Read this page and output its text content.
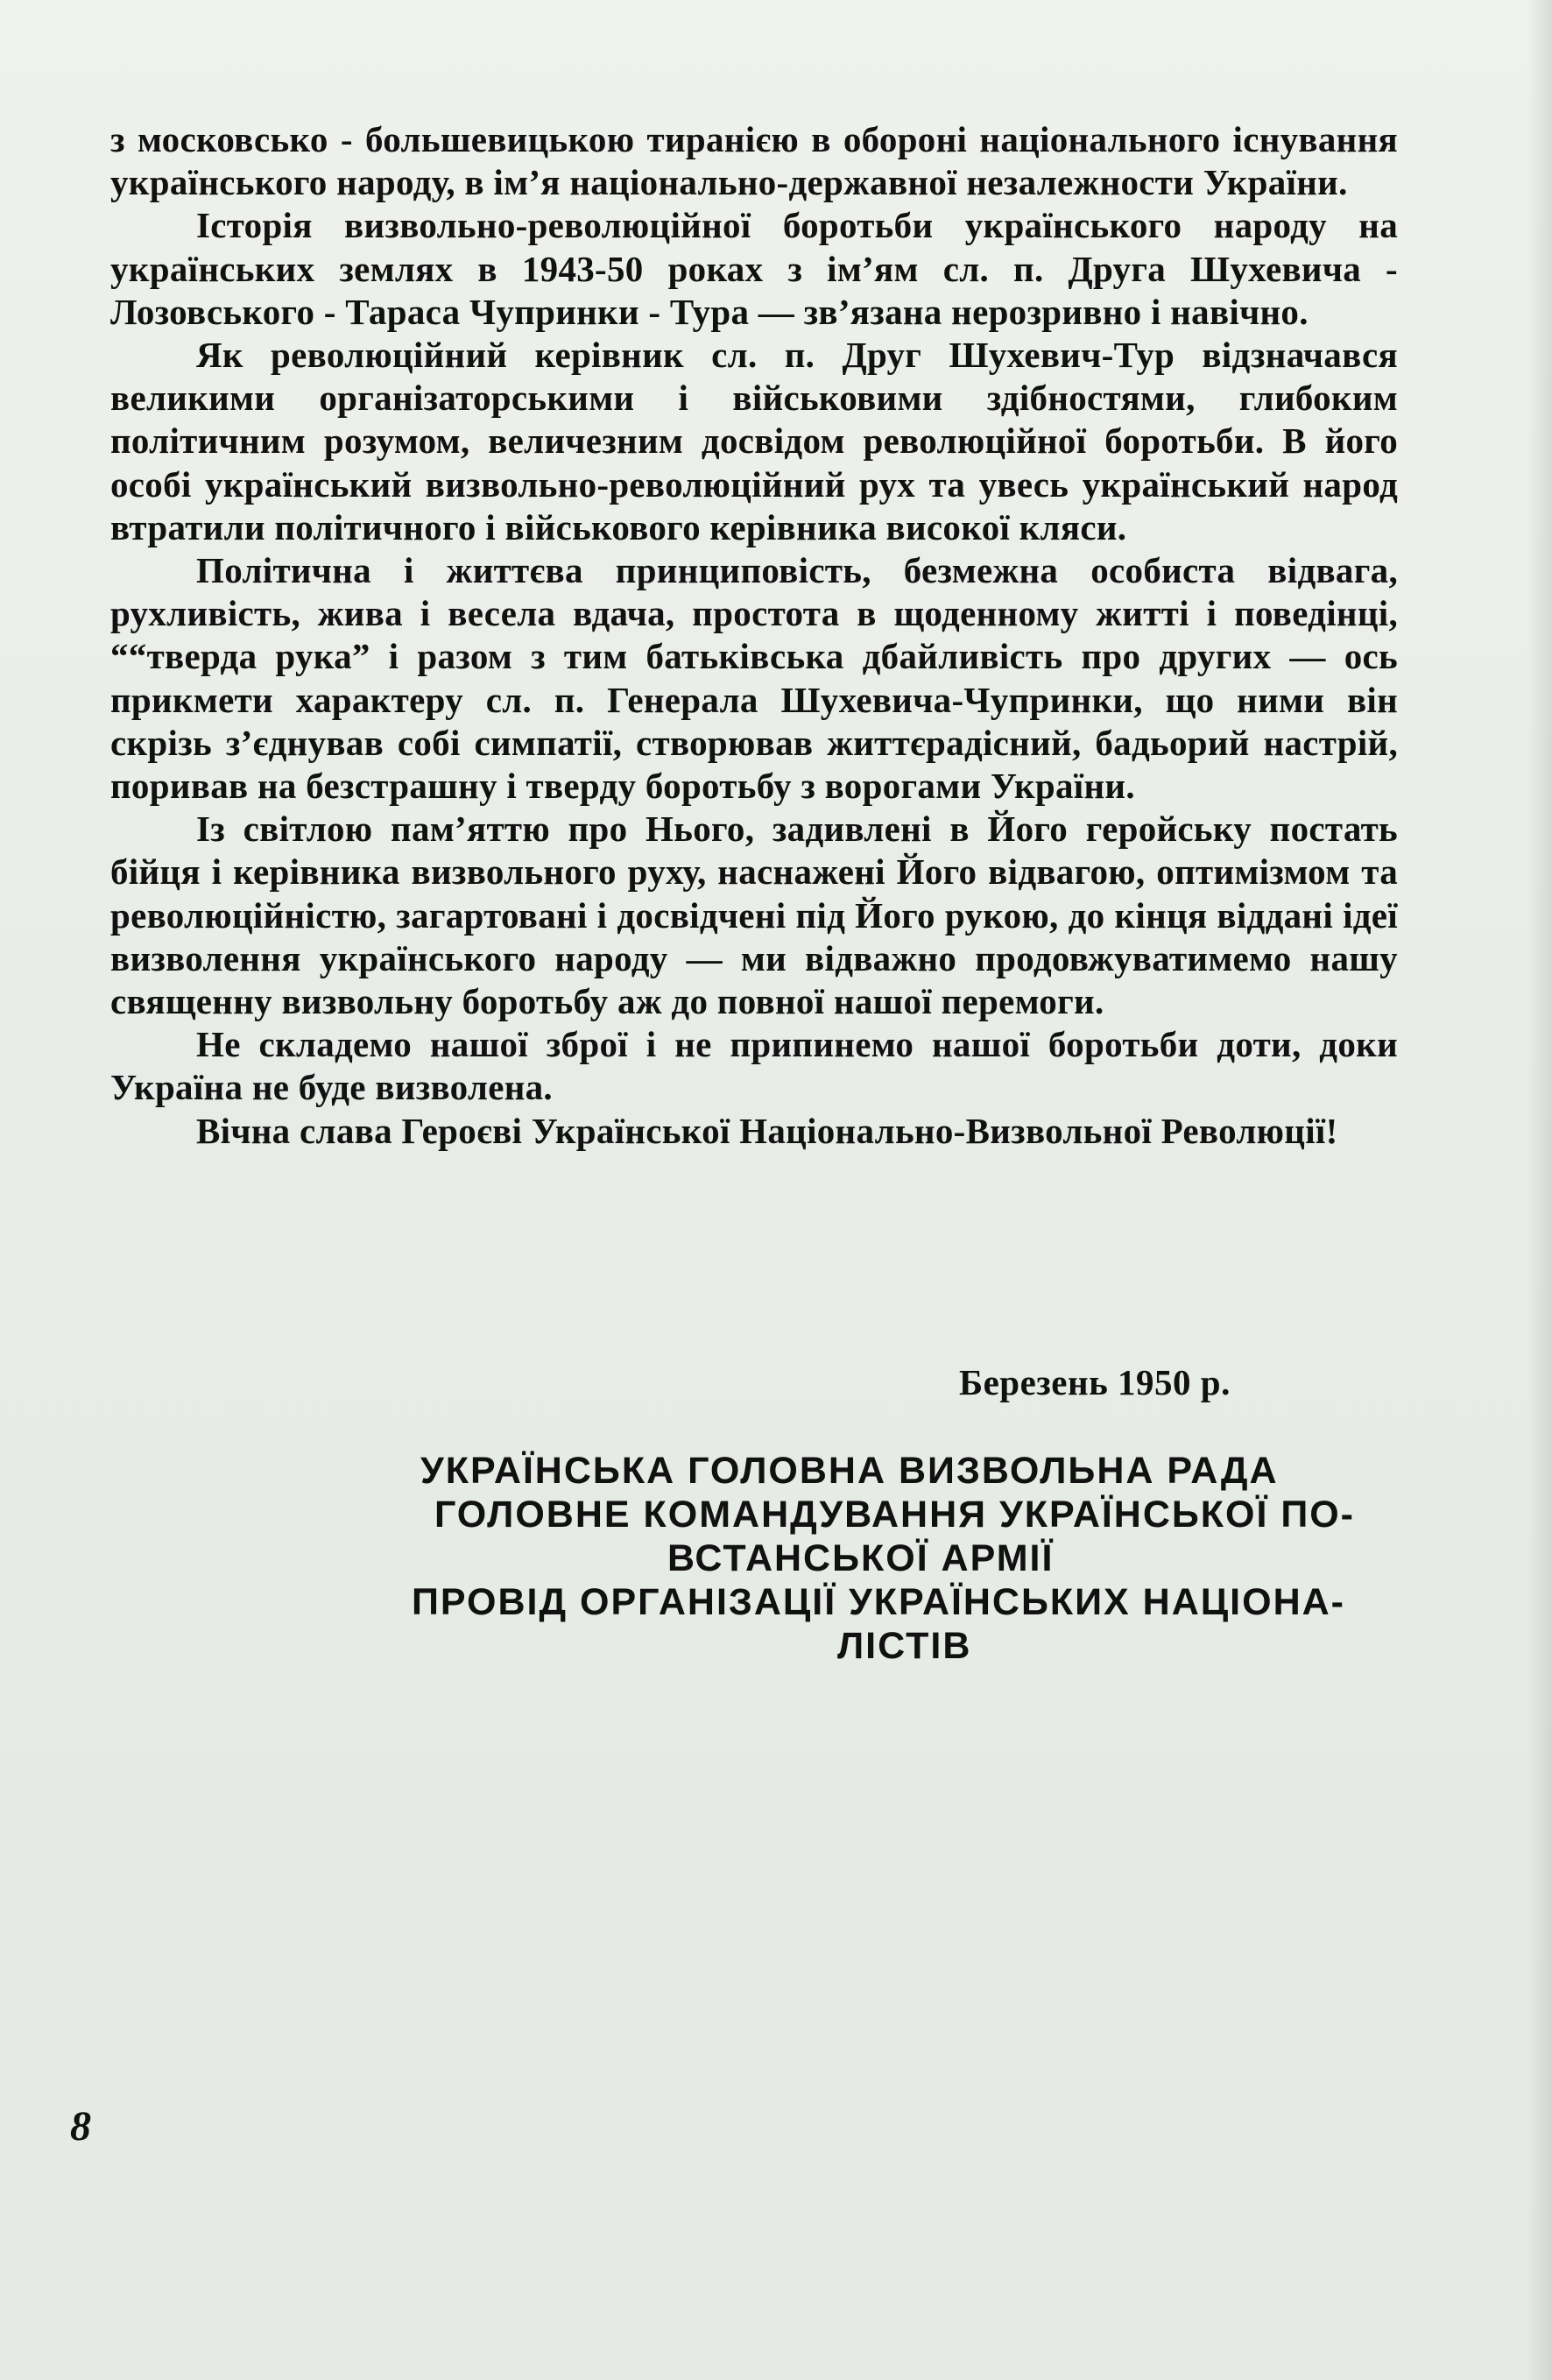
з московсько - большевицькою тиранією в обороні національного існування українського народу, в ім’я національно-державної незалежности України.

Історія визвольно-революційної боротьби українського народу на українських землях в 1943-50 роках з ім’ям сл. п. Друга Шухевича - Лозовського - Тараса Чупринки - Тура — зв’язана нерозривно і навічно.

Як революційний керівник сл. п. Друг Шухевич-Тур відзначався великими організаторськими і військовими здібностями, глибоким політичним розумом, величезним досвідом революційної боротьби. В його особі український визвольно-революційний рух та увесь український народ втратили політичного і військового керівника високої кляси.

Політична і життєва принциповість, безмежна особиста відвага, рухливість, жива і весела вдача, простота в щоденному житті і поведінці, ““тверда рука” і разом з тим батьківська дбайливість про других — ось прикмети характеру сл. п. Генерала Шухевича-Чупринки, що ними він скрізь з’єднував собі симпатії, створював життєрадісний, бадьорий настрій, поривав на безстрашну і тверду боротьбу з ворогами України.

Із світлою пам’яттю про Нього, задивлені в Його геройську постать бійця і керівника визвольного руху, наснажені Його відвагою, оптимізмом та революційністю, загартовані і досвідчені під Його рукою, до кінця віддані ідеї визволення українського народу — ми відважно продовжуватимемо нашу священну визвольну боротьбу аж до повної нашої перемоги.

Не складемо нашої зброї і не припинемо нашої боротьби доти, доки Україна не буде визволена.

Вічна слава Героєві Української Національно-Визвольної Революції!

Березень 1950 р.
УКРАЇНСЬКА ГОЛОВНА ВИЗВОЛЬНА РАДА
ГОЛОВНЕ КОМАНДУВАННЯ УКРАЇНСЬКОЇ ПО-
ВСТАНСЬКОЇ АРМІЇ
ПРОВІД ОРГАНІЗАЦІЇ УКРАЇНСЬКИХ НАЦІОНА-
ЛІСТІВ
8
